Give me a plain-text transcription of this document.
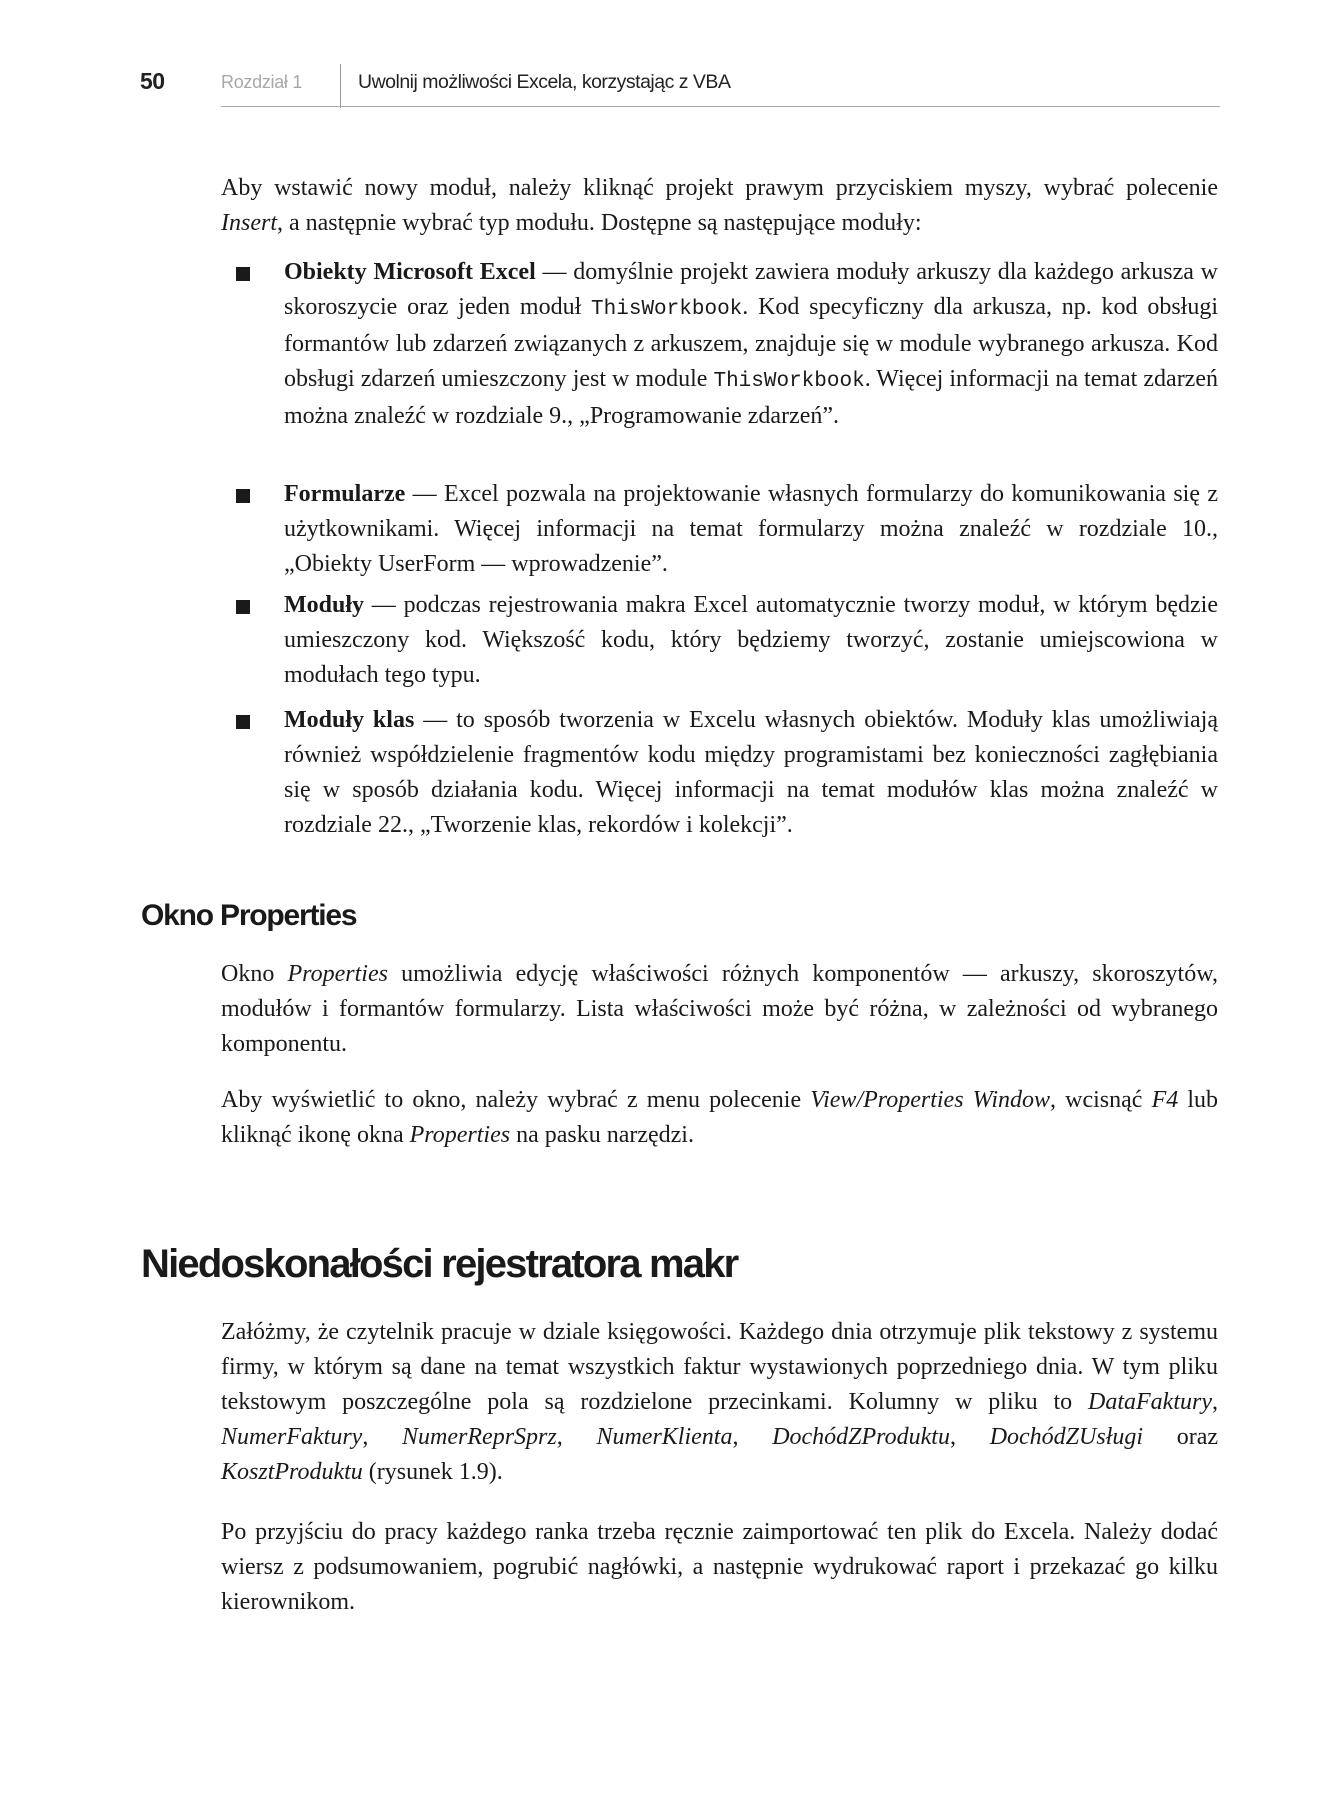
50	Rozdział 1	Uwolnij możliwości Excela, korzystając z VBA

Aby wstawić nowy moduł, należy kliknąć projekt prawym przyciskiem myszy, wybrać polecenie Insert, a następnie wybrać typ modułu. Dostępne są następujące moduły:

Obiekty Microsoft Excel — domyślnie projekt zawiera moduły arkuszy dla każdego arkusza w skoroszycie oraz jeden moduł ThisWorkbook. Kod specyficzny dla arkusza, np. kod obsługi formantów lub zdarzeń związanych z arkuszem, znajduje się w module wybranego arkusza. Kod obsługi zdarzeń umieszczony jest w module ThisWorkbook. Więcej informacji na temat zdarzeń można znaleźć w rozdziale 9., „Programowanie zdarzeń”.

Formularze — Excel pozwala na projektowanie własnych formularzy do komunikowania się z użytkownikami. Więcej informacji na temat formularzy można znaleźć w rozdziale 10., „Obiekty UserForm — wprowadzenie”.

Moduły — podczas rejestrowania makra Excel automatycznie tworzy moduł, w którym będzie umieszczony kod. Większość kodu, który będziemy tworzyć, zostanie umiejscowiona w modułach tego typu.

Moduły klas — to sposób tworzenia w Excelu własnych obiektów. Moduły klas umożliwiają również współdzielenie fragmentów kodu między programistami bez konieczności zagłębiania się w sposób działania kodu. Więcej informacji na temat modułów klas można znaleźć w rozdziale 22., „Tworzenie klas, rekordów i kolekcji”.

Okno Properties

Okno Properties umożliwia edycję właściwości różnych komponentów — arkuszy, skoroszytów, modułów i formantów formularzy. Lista właściwości może być różna, w zależności od wybranego komponentu.

Aby wyświetlić to okno, należy wybrać z menu polecenie View/Properties Window, wcisnąć F4 lub kliknąć ikonę okna Properties na pasku narzędzi.

Niedoskonałości rejestratora makr

Załóżmy, że czytelnik pracuje w dziale księgowości. Każdego dnia otrzymuje plik tekstowy z systemu firmy, w którym są dane na temat wszystkich faktur wystawionych poprzedniego dnia. W tym pliku tekstowym poszczególne pola są rozdzielone przecinkami. Kolumny w pliku to DataFaktury, NumerFaktury, NumerReprSprz, NumerKlienta, DochódZProduktu, DochódZUsługi oraz KosztProduktu (rysunek 1.9).

Po przyjściu do pracy każdego ranka trzeba ręcznie zaimportować ten plik do Excela. Należy dodać wiersz z podsumowaniem, pogrubić nagłówki, a następnie wydrukować raport i przekazać go kilku kierownikom.
